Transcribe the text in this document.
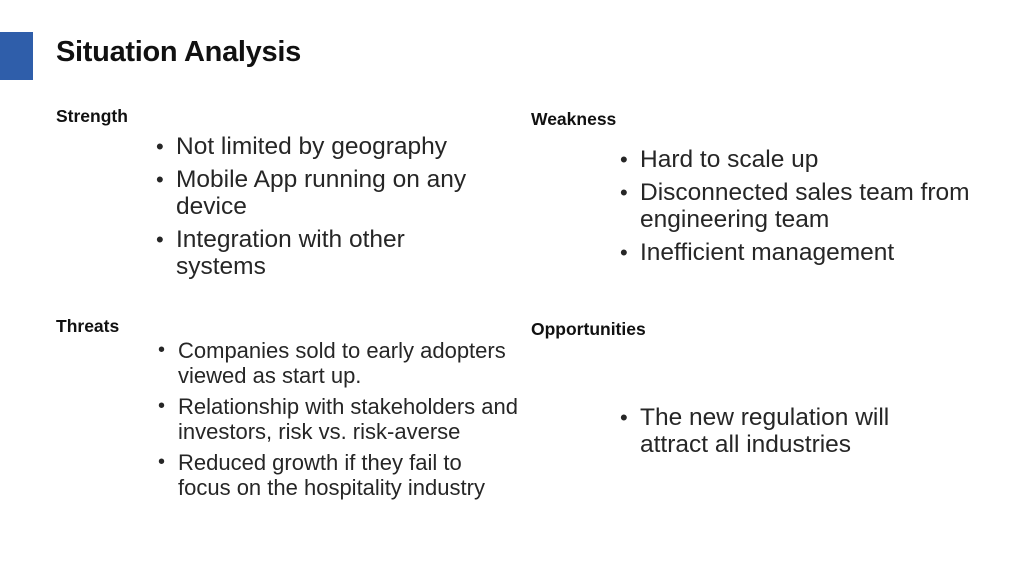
Situation Analysis
Strength
• Not limited by geography
• Mobile App running on any device
• Integration with other systems
Weakness
• Hard to scale up
• Disconnected sales team from engineering team
• Inefficient management
Threats
• Companies sold to early adopters viewed as start up.
• Relationship with stakeholders and investors, risk vs. risk-averse
• Reduced growth if they fail to focus on the hospitality industry
Opportunities
• The new regulation will attract all industries
